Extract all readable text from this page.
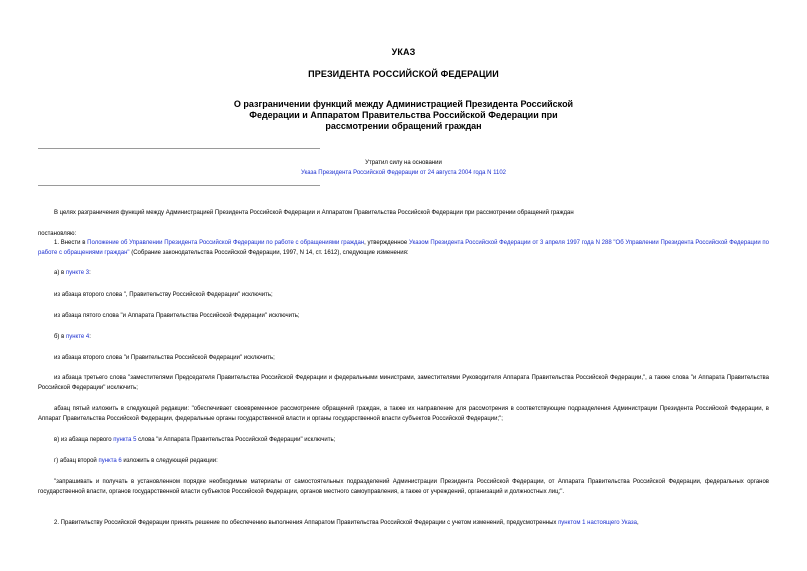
УКАЗ
ПРЕЗИДЕНТА РОССИЙСКОЙ ФЕДЕРАЦИИ
О разграничении функций между Администрацией Президента Российской
Федерации и Аппаратом Правительства Российской Федерации при
рассмотрении обращений граждан
Утратил силу на основании
Указа Президента Российской Федерации от 24 августа 2004 года N 1102
В целях разграничения функций между Администрацией Президента Российской Федерации и Аппаратом Правительства Российской Федерации при рассмотрении обращений граждан
постановляю:
1. Внести в Положение об Управлении Президента Российской Федерации по работе с обращениями граждан, утвержденное Указом Президента Российской Федерации от 3 апреля 1997 года N 288 "Об Управлении Президента Российской Федерации по работе с обращениями граждан" (Собрание законодательства Российской Федерации, 1997, N 14, ст. 1612), следующие изменения:
а) в пункте 3:
из абзаца второго слова ", Правительству Российской Федерации" исключить;
из абзаца пятого слова "и Аппарата Правительства Российской Федерации" исключить;
б) в пункте 4:
из абзаца второго слова "и Правительства Российской Федерации" исключить;
из абзаца третьего слова "заместителями Председателя Правительства Российской Федерации и федеральными министрами, заместителями Руководителя Аппарата Правительства Российской Федерации,", а также слова "и Аппарата Правительства Российской Федерации" исключить;
абзац пятый изложить в следующей редакции: "обеспечивает своевременное рассмотрение обращений граждан, а также их направление для рассмотрения в соответствующие подразделения Администрации Президента Российской Федерации, в Аппарат Правительства Российской Федерации, федеральные органы государственной власти и органы государственной власти субъектов Российской Федерации;";
в) из абзаца первого пункта 5 слова "и Аппарата Правительства Российской Федерации" исключить;
г) абзац второй пункта 6 изложить в следующей редакции:
"запрашивать и получать в установленном порядке необходимые материалы от самостоятельных подразделений Администрации Президента Российской Федерации, от Аппарата Правительства Российской Федерации, федеральных органов государственной власти, органов государственной власти субъектов Российской Федерации, органов местного самоуправления, а также от учреждений, организаций и должностных лиц;".
2. Правительству Российской Федерации принять решение по обеспечению выполнения Аппаратом Правительства Российской Федерации с учетом изменений, предусмотренных пунктом 1 настоящего Указа,
